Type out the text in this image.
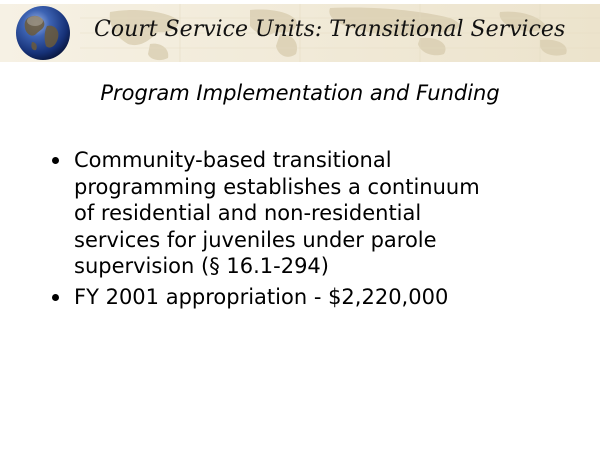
Court Service Units: Transitional Services
Program Implementation and Funding
Community-based transitional
programming establishes a continuum
of residential and non-residential
services for juveniles under parole
supervision (§ 16.1-294)
FY 2001 appropriation - $2,220,000
